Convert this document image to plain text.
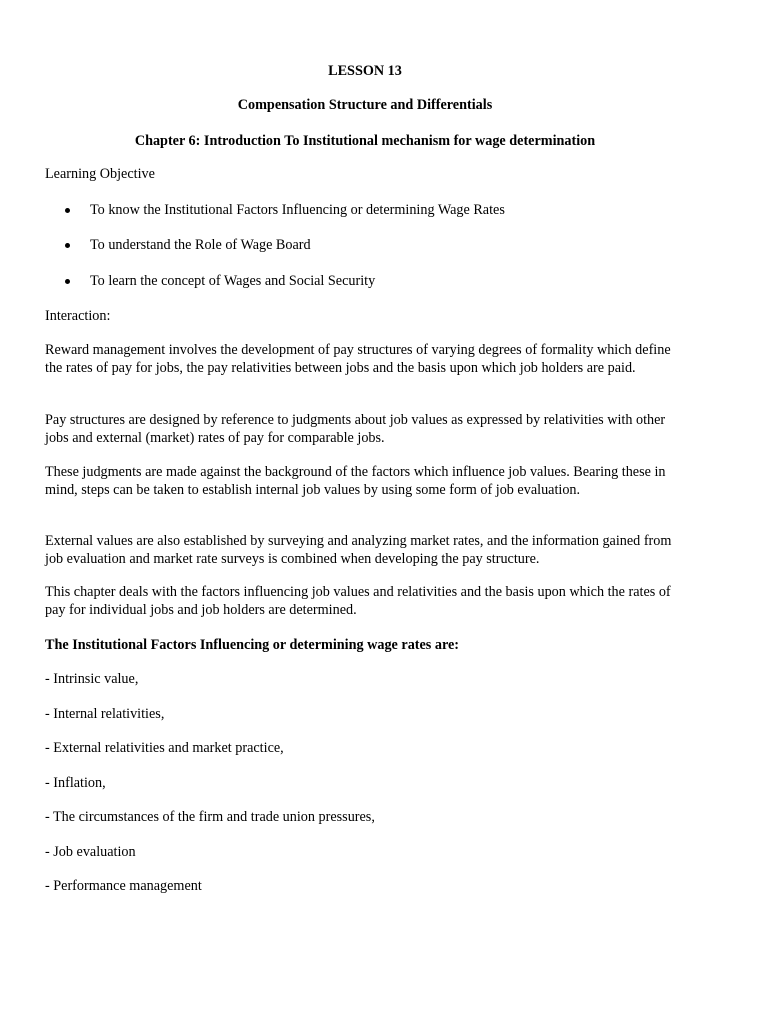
LESSON 13

Compensation Structure and Differentials

Chapter 6: Introduction To Institutional mechanism for wage determination

Learning Objective

To know the Institutional Factors Influencing or determining Wage Rates
To understand the Role of Wage Board
To learn the concept of Wages and Social Security

Interaction:

Reward management involves the development of pay structures of varying degrees of formality which define the rates of pay for jobs, the pay relativities between jobs and the basis upon which job holders are paid.

Pay structures are designed by reference to judgments about job values as expressed by relativities with other jobs and external (market) rates of pay for comparable jobs.

These judgments are made against the background of the factors which influence job values. Bearing these in mind, steps can be taken to establish internal job values by using some form of job evaluation.

External values are also established by surveying and analyzing market rates, and the information gained from job evaluation and market rate surveys is combined when developing the pay structure.

This chapter deals with the factors influencing job values and relativities and the basis upon which the rates of pay for individual jobs and job holders are determined.

The Institutional Factors Influencing or determining wage rates are:

- Intrinsic value,

- Internal relativities,

- External relativities and market practice,

- Inflation,

- The circumstances of the firm and trade union pressures,

- Job evaluation

- Performance management
